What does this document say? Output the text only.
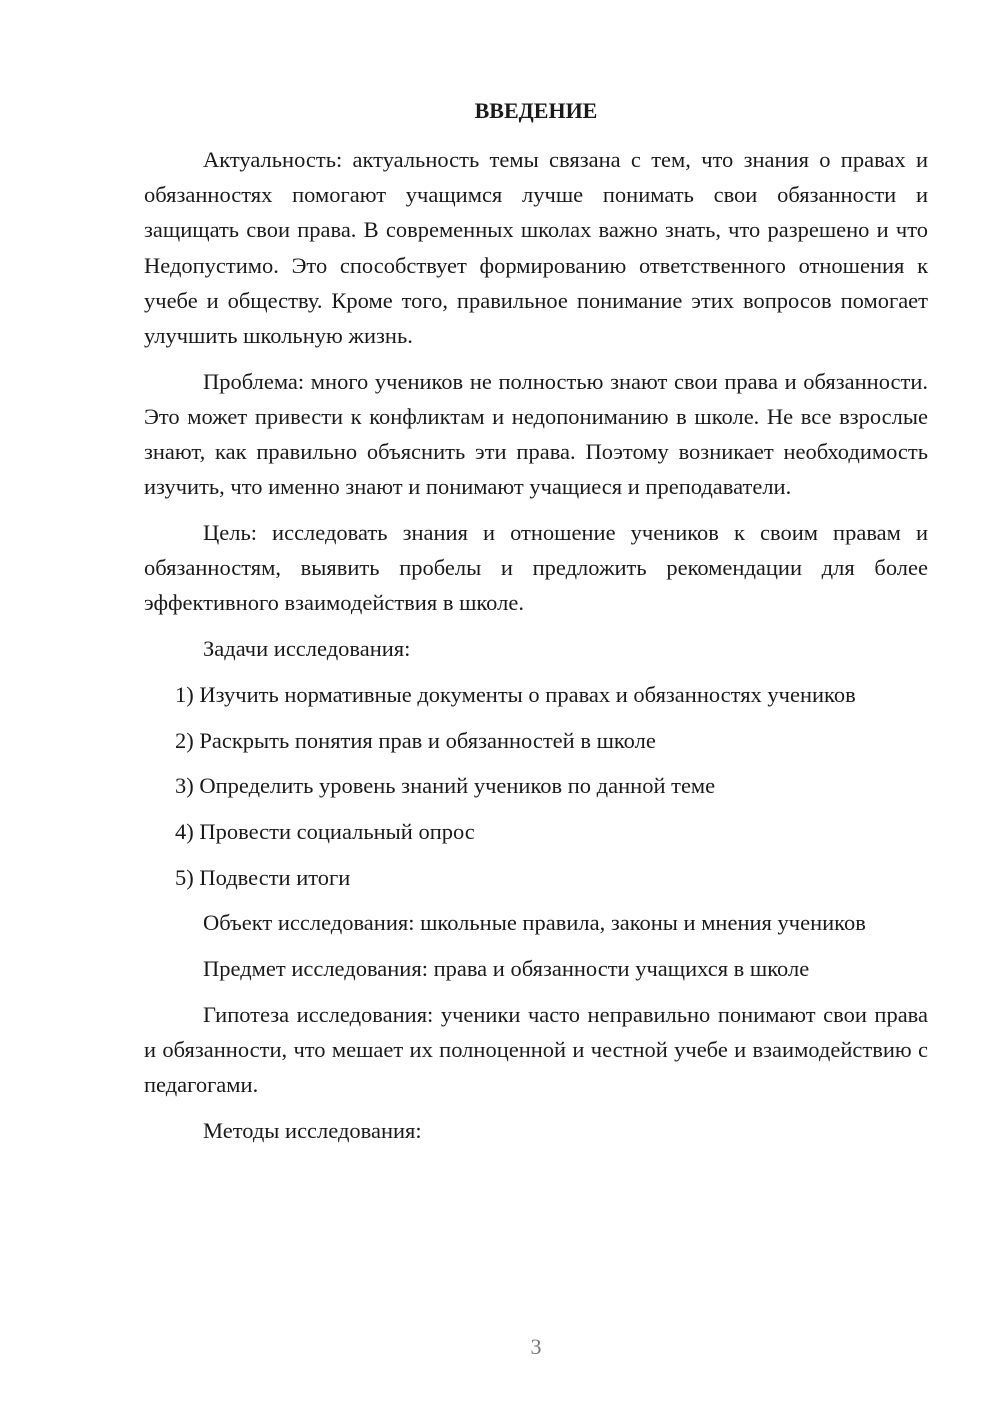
ВВЕДЕНИЕ

Актуальность: актуальность темы связана с тем, что знания о правах и обязанностях помогают учащимся лучше понимать свои обязанности и защищать свои права. В современных школах важно знать, что разрешено и что Недопустимо. Это способствует формированию ответственного отношения к учебе и обществу. Кроме того, правильное понимание этих вопросов помогает улучшить школьную жизнь.

Проблема: много учеников не полностью знают свои права и обязанности. Это может привести к конфликтам и недопониманию в школе. Не все взрослые знают, как правильно объяснить эти права. Поэтому возникает необходимость изучить, что именно знают и понимают учащиеся и преподаватели.

Цель: исследовать знания и отношение учеников к своим правам и обязанностям, выявить пробелы и предложить рекомендации для более эффективного взаимодействия в школе.

Задачи исследования:

1) Изучить нормативные документы о правах и обязанностях учеников

2) Раскрыть понятия прав и обязанностей в школе

3) Определить уровень знаний учеников по данной теме

4) Провести социальный опрос

5) Подвести итоги

Объект исследования: школьные правила, законы и мнения учеников

Предмет исследования: права и обязанности учащихся в школе

Гипотеза исследования: ученики часто неправильно понимают свои права и обязанности, что мешает их полноценной и честной учебе и взаимодействию с педагогами.

Методы исследования:

3
